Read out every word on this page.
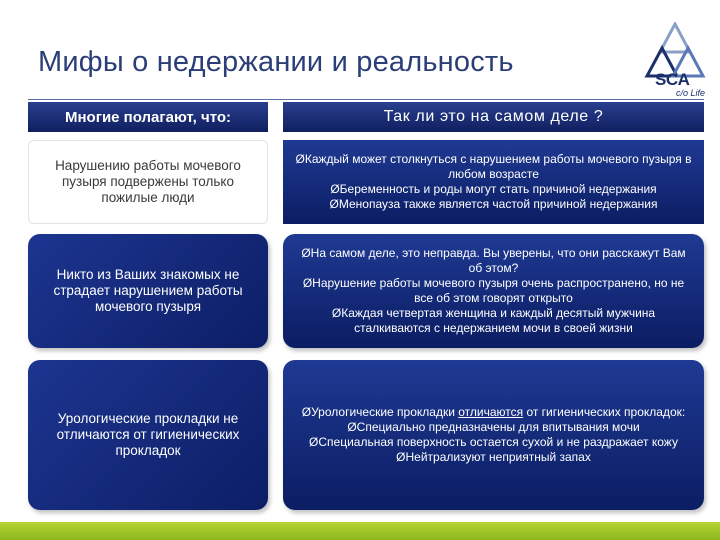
Мифы о недержании и реальность
SCA
c/o Life
Многие полагают, что:	Так ли это на самом деле ?
Нарушению работы мочевого пузыря подвержены только пожилые люди
ØКаждый может столкнуться с нарушением работы мочевого пузыря в любом возрасте
ØБеременность и роды могут стать причиной недержания
ØМенопауза также является частой причиной недержания
Никто из Ваших знакомых не страдает нарушением работы мочевого пузыря
ØНа самом деле, это неправда. Вы уверены, что они расскажут Вам об этом?
ØНарушение работы мочевого пузыря очень распространено, но не все об этом говорят открыто
ØКаждая четвертая женщина и каждый десятый мужчина сталкиваются с недержанием мочи в своей жизни
Урологические прокладки не отличаются от гигиенических прокладок
ØУрологические прокладки отличаются от гигиенических прокладок:
ØСпециально предназначены для впитывания мочи
ØСпециальная поверхность остается сухой и не раздражает кожу
ØНейтрализуют неприятный запах
